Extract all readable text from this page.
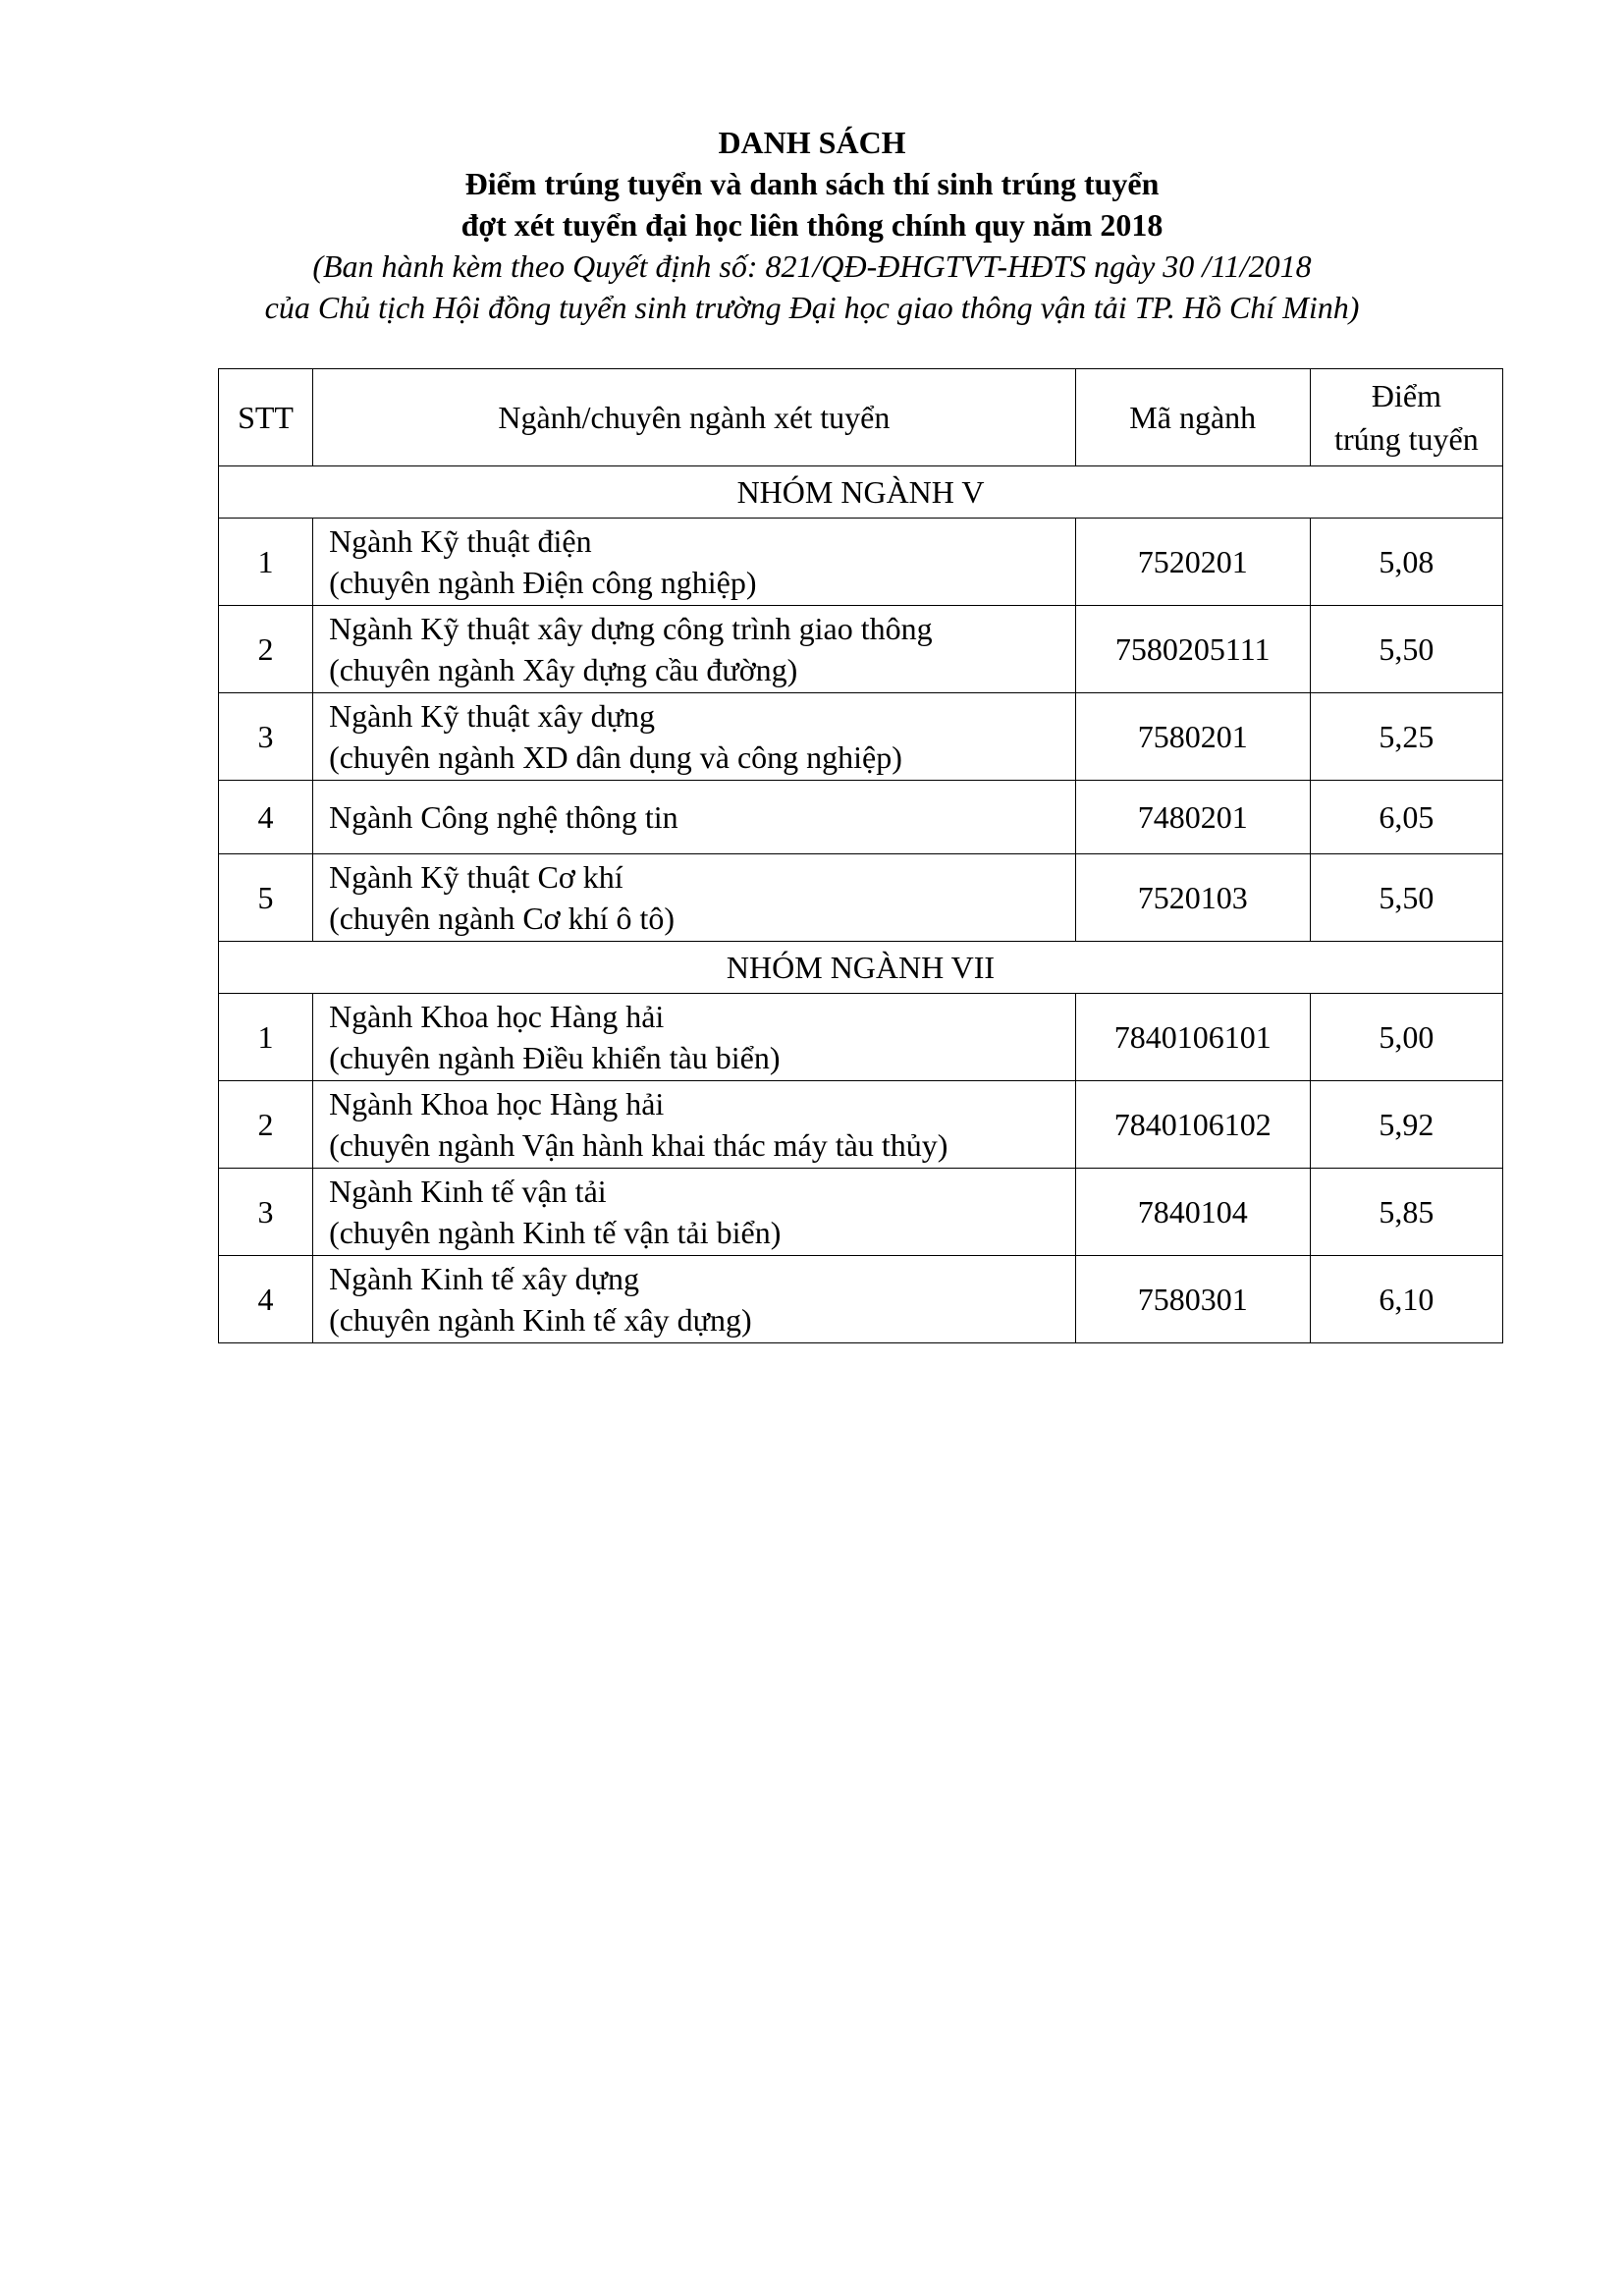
DANH SÁCH
Điểm trúng tuyển và danh sách thí sinh trúng tuyển
đợt xét tuyển đại học liên thông chính quy năm 2018
(Ban hành kèm theo Quyết định số: 821/QĐ-ĐHGTVT-HĐTS ngày 30 /11/2018
của Chủ tịch Hội đồng tuyển sinh trường Đại học giao thông vận tải TP. Hồ Chí Minh)
STT	Ngành/chuyên ngành xét tuyển	Mã ngành	Điểm
trúng tuyển

NHÓM NGÀNH V			
1	Ngành Kỹ thuật điện
(chuyên ngành Điện công nghiệp)	7520201	5,08
2	Ngành Kỹ thuật xây dựng công trình giao thông
(chuyên ngành Xây dựng cầu đường)	7580205111	5,50
3	Ngành Kỹ thuật xây dựng
(chuyên ngành XD dân dụng và công nghiệp)	7580201	5,25
4	Ngành Công nghệ thông tin	7480201	6,05
5	Ngành Kỹ thuật Cơ khí
(chuyên ngành Cơ khí ô tô)	7520103	5,50
NHÓM NGÀNH VII			
1	Ngành Khoa học Hàng hải
(chuyên ngành Điều khiển tàu biển)	7840106101	5,00
2	Ngành Khoa học Hàng hải
(chuyên ngành Vận hành khai thác máy tàu thủy)	7840106102	5,92
3	Ngành Kinh tế vận tải
(chuyên ngành Kinh tế vận tải biển)	7840104	5,85
4	Ngành Kinh tế xây dựng
(chuyên ngành Kinh tế xây dựng)	7580301	6,10
